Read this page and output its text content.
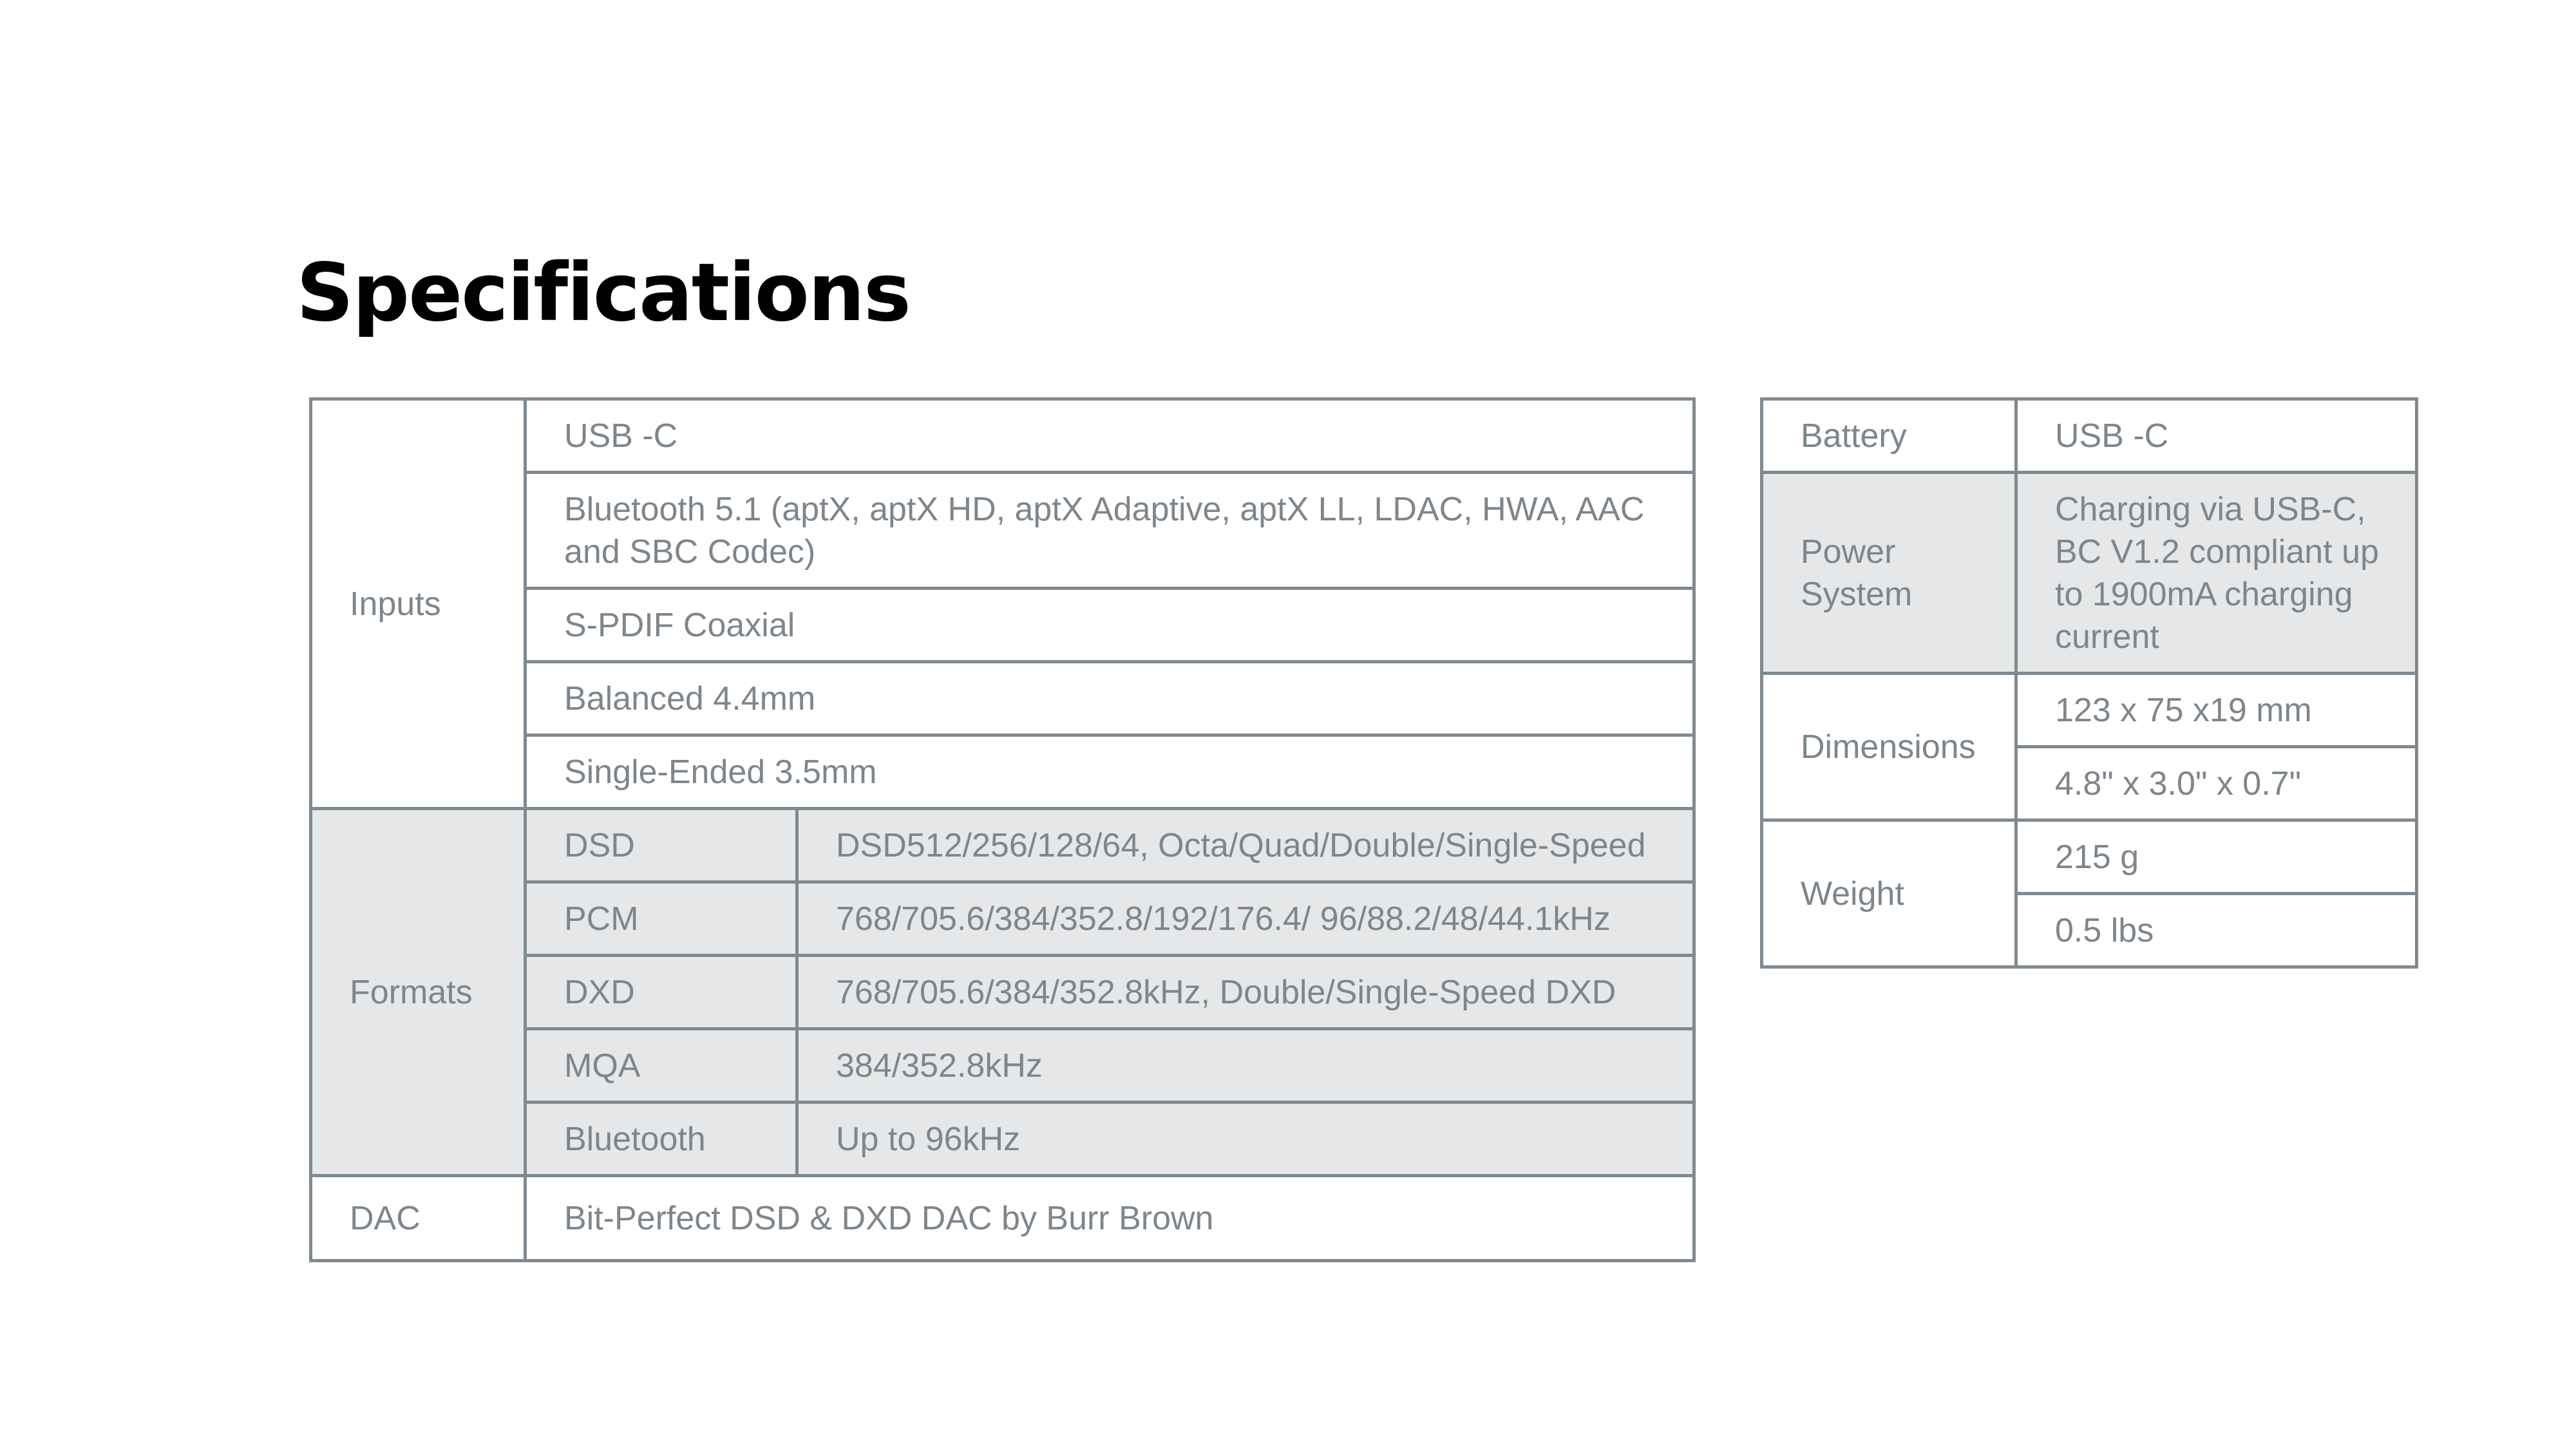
Specifications
Inputs	USB -C	
	Bluetooth 5.1 (aptX, aptX HD, aptX Adaptive, aptX LL, LDAC, HWA, AAC and SBC Codec)	
	S-PDIF Coaxial	
	Balanced 4.4mm	
	Single-Ended 3.5mm	
Formats	DSD	DSD512/256/128/64, Octa/Quad/Double/Single-Speed
	PCM	768/705.6/384/352.8/192/176.4/ 96/88.2/48/44.1kHz
	DXD	768/705.6/384/352.8kHz, Double/Single-Speed DXD
	MQA	384/352.8kHz
	Bluetooth	Up to 96kHz
DAC	Bit-Perfect DSD & DXD DAC by Burr Brown	
Battery	USB -C
Power System	Charging via USB-C, BC V1.2 compliant up to 1900mA charging current
Dimensions	123 x 75 x19 mm
	4.8" x 3.0" x 0.7"
Weight	215 g
	0.5 lbs
